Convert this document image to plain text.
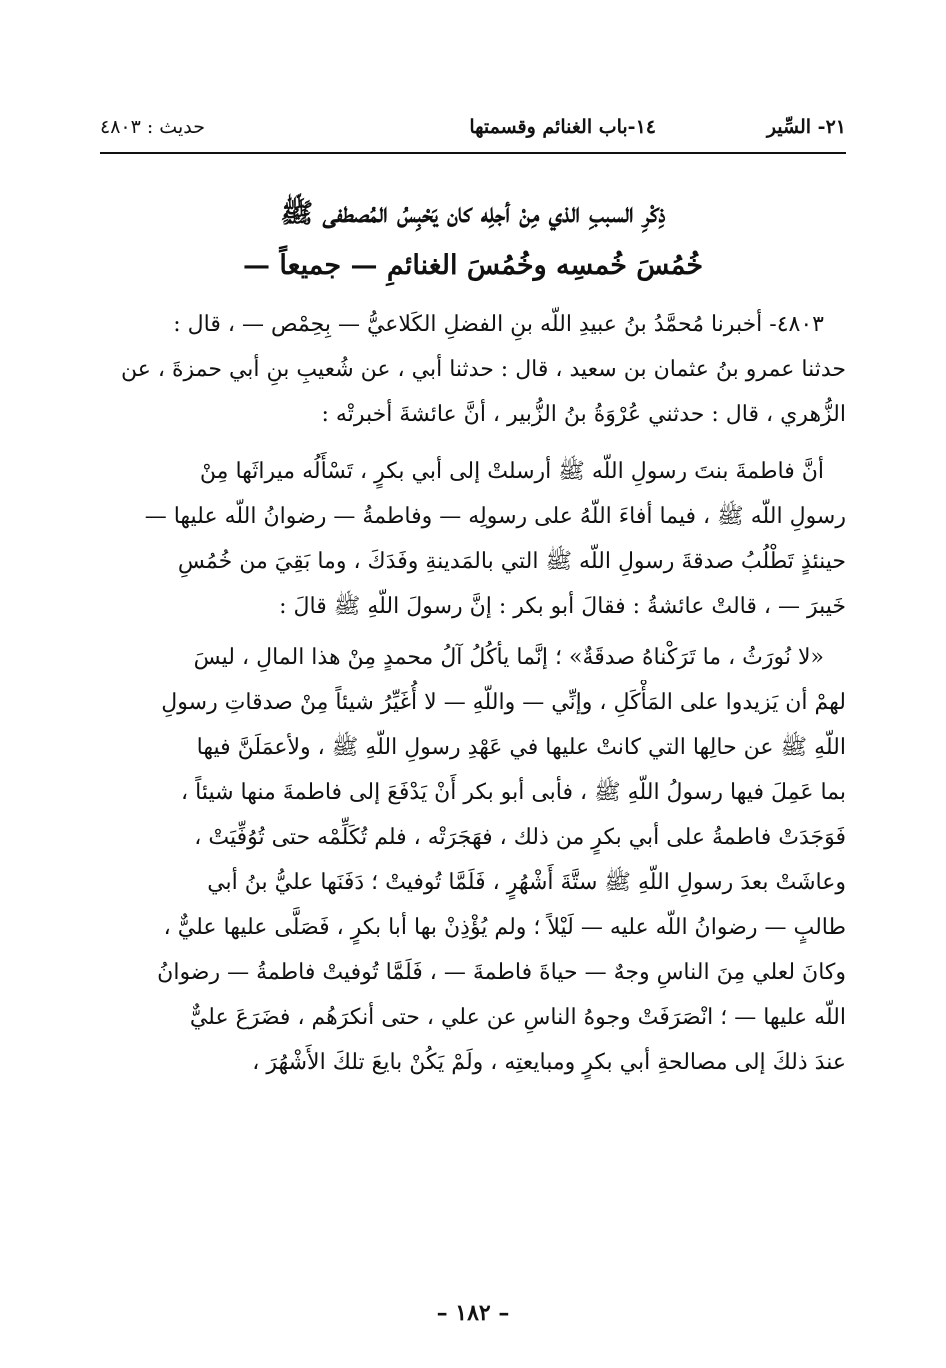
٢١- السِّير
١٤-باب الغنائم وقسمتها
حديث : ٤٨٠٣
ذِكْرِ السببِ الذي مِنْ أجلِه كان يَحْبِسُ المُصطفى ﷺ
خُمُسَ خُمسِه وخُمُسَ الغنائمِ — جميعاً —

٤٨٠٣- أخبرنا مُحمَّدُ بنُ عبيدِ اللّه بنِ الفضلِ الكَلاعيُّ — بِحِمْص — ، قال :
حدثنا عمرو بنُ عثمان بن سعيد ، قال : حدثنا أبي ، عن شُعيبِ بنِ أبي حمزةَ ، عن
الزُّهري ، قال : حدثني عُرْوَةُ بنُ الزُّبير ، أنَّ عائشةَ أخبرتْه :

أنَّ فاطمةَ بنتَ رسولِ اللّه ﷺ أرسلتْ إلى أبي بكرٍ ، تَسْأَلُه ميراثَها مِنْ
رسولِ اللّه ﷺ ، فيما أفاءَ اللّهُ على رسولِه — وفاطمةُ — رضوانُ اللّه عليها —
حينئذٍ تَطْلُبُ صدقةَ رسولِ اللّه ﷺ التي بالمَدينةِ وفَدَكَ ، وما بَقِيَ من خُمُسِ
خَيبرَ — ، قالتْ عائشةُ : فقالَ أبو بكر : إنَّ رسولَ اللّهِ ﷺ قالَ :

«لا نُورَثُ ، ما تَرَكْناهُ صدقَةٌ» ؛ إنَّما يأكُلُ آلُ محمدٍ مِنْ هذا المالِ ، ليسَ
لهمْ أن يَزيدوا على المَأْكَلِ ، وإنِّي — واللّهِ — لا أُغَيِّرُ شيئاً مِنْ صدقاتِ رسولِ
اللّهِ ﷺ عن حالِها التي كانتْ عليها في عَهْدِ رسولِ اللّهِ ﷺ ، ولأعمَلَنَّ فيها
بما عَمِلَ فيها رسولُ اللّهِ ﷺ ، فأبى أبو بكر أَنْ يَدْفَعَ إلى فاطمةَ منها شيئاً ،
فَوَجَدَتْ فاطمةُ على أبي بكرٍ من ذلك ، فهَجَرَتْه ، فلم تُكَلِّمْه حتى تُوُفِّيَتْ ،
وعاشَتْ بعدَ رسولِ اللّهِ ﷺ ستَّةَ أَشْهُرٍ ، فَلَمَّا تُوفيتْ ؛ دَفَنَها عليُّ بنُ أبي
طالبٍ — رضوانُ اللّه عليه — لَيْلاً ؛ ولم يُؤْذِنْ بها أبا بكرٍ ، فَصَلَّى عليها عليٌّ ،
وكانَ لعلي مِنَ الناسِ وجهٌ — حياةَ فاطمةَ — ، فَلَمَّا تُوفيتْ فاطمةُ — رضوانُ
اللّه عليها — ؛ انْصَرَفَتْ وجوهُ الناسِ عن علي ، حتى أنكرَهُم ، فضَرَعَ عليٌّ
عندَ ذلكَ إلى مصالحةِ أبي بكرٍ ومبايعتِه ، ولَمْ يَكُنْ بايعَ تلكَ الأَشْهُرَ ،

– ١٨٢ –
